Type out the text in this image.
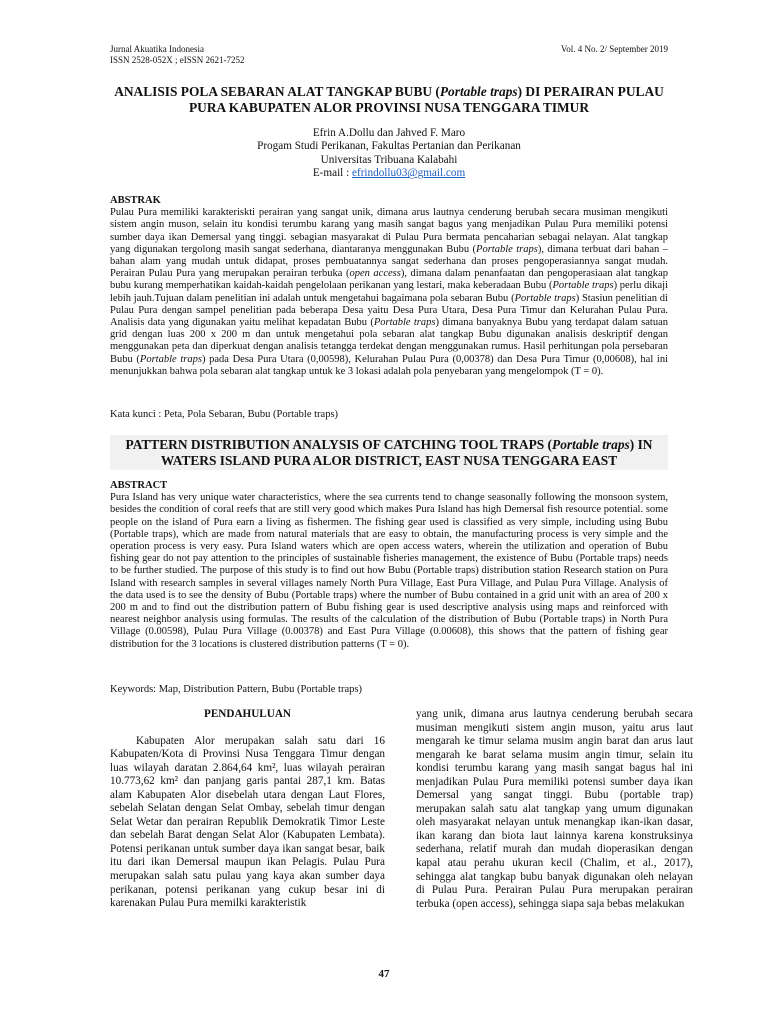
Jurnal Akuatika Indonesia
ISSN 2528-052X ; eISSN 2621-7252
Vol. 4 No. 2/ September 2019
ANALISIS POLA SEBARAN ALAT TANGKAP BUBU (Portable traps) DI PERAIRAN PULAU PURA KABUPATEN ALOR PROVINSI NUSA TENGGARA TIMUR
Efrin A.Dollu dan Jahved F. Maro
Progam Studi Perikanan, Fakultas Pertanian dan Perikanan
Universitas Tribuana Kalabahi
E-mail : efrindollu03@gmail.com
ABSTRAK

Pulau Pura memiliki karakteriskti perairan yang sangat unik, dimana arus lautnya cenderung berubah secara musiman mengikuti sistem angin muson, selain itu kondisi terumbu karang yang masih sangat bagus yang menjadikan Pulau Pura memiliki potensi sumber daya ikan Demersal yang tinggi. sebagian masyarakat di Pulau Pura bermata pencaharian sebagai nelayan. Alat tangkap yang digunakan tergolong masih sangat sederhana, diantaranya menggunakan Bubu (Portable traps), dimana terbuat dari bahan – bahan alam yang mudah untuk didapat, proses pembuatannya sangat sederhana dan proses pengoperasiannya sangat mudah. Perairan Pulau Pura yang merupakan perairan terbuka (open access), dimana dalam penanfaatan dan pengoperasiaan alat tangkap bubu kurang memperhatikan kaidah-kaidah pengelolaan perikanan yang lestari, maka keberadaan Bubu (Portable traps) perlu dikaji lebih jauh.Tujuan dalam penelitian ini adalah untuk mengetahui bagaimana pola sebaran Bubu (Portable traps) Stasiun penelitian di Pulau Pura dengan sampel penelitian pada beberapa Desa yaitu Desa Pura Utara, Desa Pura Timur dan Kelurahan Pulau Pura. Analisis data yang digunakan yaitu melihat kepadatan Bubu (Portable traps) dimana banyaknya Bubu yang terdapat dalam satuan grid dengan luas 200 x 200 m dan untuk mengetahui pola sebaran alat tangkap Bubu digunakan analisis deskriptif dengan menggunakan peta dan diperkuat dengan analisis tetangga terdekat dengan menggunakan rumus. Hasil perhitungan pola persebaran Bubu (Portable traps) pada Desa Pura Utara (0,00598), Kelurahan Pulau Pura (0,00378) dan Desa Pura Timur (0,00608), hal ini menunjukkan bahwa pola sebaran alat tangkap untuk ke 3 lokasi adalah pola penyebaran yang mengelompok (T = 0).

Kata kunci : Peta, Pola Sebaran, Bubu (Portable traps)
PATTERN DISTRIBUTION ANALYSIS OF CATCHING TOOL TRAPS (Portable traps) IN WATERS ISLAND PURA ALOR DISTRICT, EAST NUSA TENGGARA EAST
ABSTRACT

Pura Island has very unique water characteristics, where the sea currents tend to change seasonally following the monsoon system, besides the condition of coral reefs that are still very good which makes Pura Island has high Demersal fish resource potential. some people on the island of Pura earn a living as fishermen. The fishing gear used is classified as very simple, including using Bubu (Portable traps), which are made from natural materials that are easy to obtain, the manufacturing process is very simple and the operation process is very easy. Pura Island waters which are open access waters, wherein the utilization and operation of Bubu fishing gear do not pay attention to the principles of sustainable fisheries management, the existence of Bubu (Portable traps) needs to be further studied. The purpose of this study is to find out how Bubu (Portable traps) distribution station Research station on Pura Island with research samples in several villages namely North Pura Village, East Pura Village, and Pulau Pura Village. Analysis of the data used is to see the density of Bubu (Portable traps) where the number of Bubu contained in a grid unit with an area of 200 x 200 m and to find out the distribution pattern of Bubu fishing gear is used descriptive analysis using maps and reinforced with nearest neighbor analysis using formulas. The results of the calculation of the distribution of Bubu (Portable traps) in North Pura Village (0.00598), Pulau Pura Village (0.00378) and East Pura Village (0.00608), this shows that the pattern of fishing gear distribution for the 3 locations is clustered distribution patterns (T = 0).

Keywords: Map, Distribution Pattern, Bubu (Portable traps)

PENDAHULUAN

Kabupaten Alor merupakan salah satu dari 16 Kabupaten/Kota di Provinsi Nusa Tenggara Timur dengan luas wilayah daratan 2.864,64 km², luas wilayah perairan 10.773,62 km² dan panjang garis pantai 287,1 km. Batas alam Kabupaten Alor disebelah utara dengan Laut Flores, sebelah Selatan dengan Selat Ombay, sebelah timur dengan Selat Wetar dan perairan Republik Demokratik Timor Leste dan sebelah Barat dengan Selat Alor (Kabupaten Lembata). Potensi perikanan untuk sumber daya ikan sangat besar, baik itu dari ikan Demersal maupun ikan Pelagis. Pulau Pura merupakan salah satu pulau yang kaya akan sumber daya perikanan, potensi perikanan yang cukup besar ini di karenakan Pulau Pura memilki karakteristik

yang unik, dimana arus lautnya cenderung berubah secara musiman mengikuti sistem angin muson, yaitu arus laut mengarah ke timur selama musim angin barat dan arus laut mengarah ke barat selama musim angin timur, selain itu kondisi terumbu karang yang masih sangat bagus hal ini menjadikan Pulau Pura memiliki potensi sumber daya ikan Demersal yang sangat tinggi. Bubu (portable trap) merupakan salah satu alat tangkap yang umum digunakan oleh masyarakat nelayan untuk menangkap ikan-ikan dasar, ikan karang dan biota laut lainnya karena konstruksinya sederhana, relatif murah dan mudah dioperasikan dengan kapal atau perahu ukuran kecil (Chalim, et al., 2017), sehingga alat tangkap bubu banyak digunakan oleh nelayan di Pulau Pura. Perairan Pulau Pura merupakan perairan terbuka (open access), sehingga siapa saja bebas melakukan

47
